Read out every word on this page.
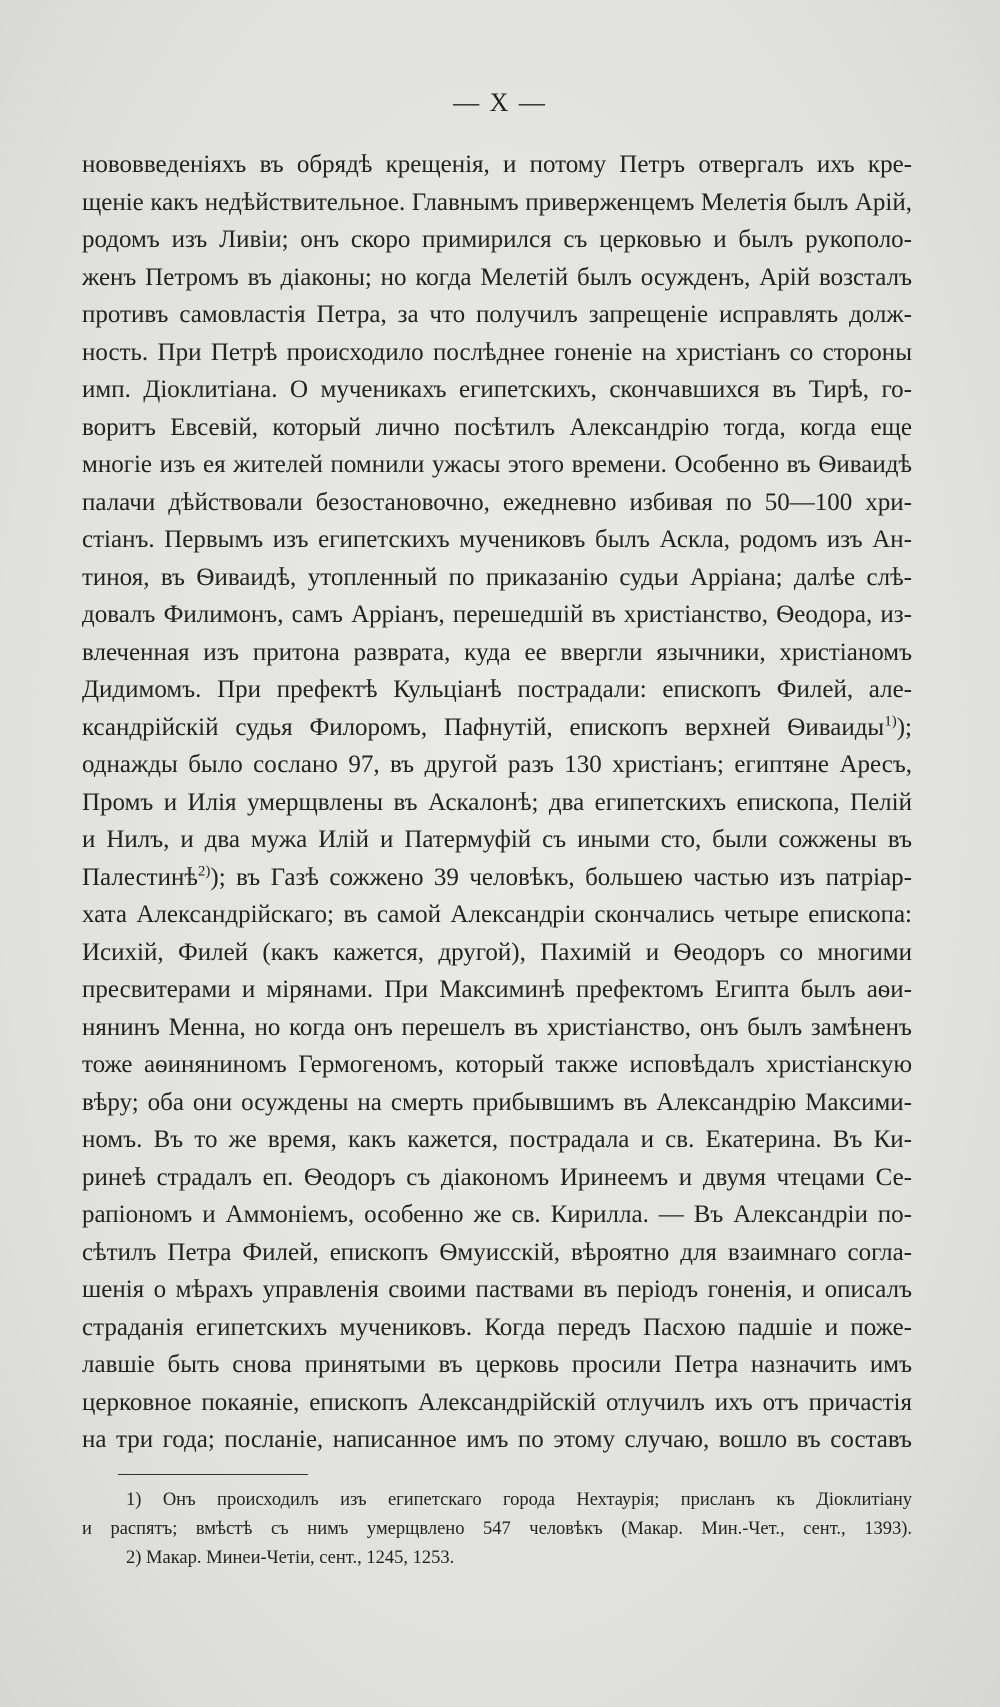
— X —
нововведеніяхъ въ обрядѣ крещенія, и потому Петръ отвергалъ ихъ кре-
щеніе какъ недѣйствительное. Главнымъ приверженцемъ Мелетія былъ Арій,
родомъ изъ Ливіи; онъ скоро примирился съ церковью и былъ рукополо-
женъ Петромъ въ діаконы; но когда Мелетій былъ осужденъ, Арій возсталъ
противъ самовластія Петра, за что получилъ запрещеніе исправлять долж-
ность. При Петрѣ происходило послѣднее гоненіе на христіанъ со стороны
имп. Діоклитіана. О мученикахъ египетскихъ, скончавшихся въ Тирѣ, го-
воритъ Евсевій, который лично посѣтилъ Александрію тогда, когда еще
многіе изъ ея жителей помнили ужасы этого времени. Особенно въ Ѳиваидѣ
палачи дѣйствовали безостановочно, ежедневно избивая по 50—100 хри-
стіанъ. Первымъ изъ египетскихъ мучениковъ былъ Аскла, родомъ изъ Ан-
тиноя, въ Ѳиваидѣ, утопленный по приказанію судьи Арріана; далѣе слѣ-
довалъ Филимонъ, самъ Арріанъ, перешедшій въ христіанство, Ѳеодора, из-
влеченная изъ притона разврата, куда ее ввергли язычники, христіаномъ
Дидимомъ. При префектѣ Кульціанѣ пострадали: епископъ Филей, але-
ксандрійскій судья Филоромъ, Пафнутій, епископъ верхней Ѳиваиды$^{1)}$);
однажды было сослано 97, въ другой разъ 130 христіанъ; египтяне Аресъ,
Промъ и Илія умерщвлены въ Аскалонѣ; два египетскихъ епископа, Пелій
и Нилъ, и два мужа Илій и Патермуфій съ иными сто, были сожжены въ
Палестинѣ$^{2)}$); въ Газѣ сожжено 39 человѣкъ, большею частью изъ патріар-
хата Александрійскаго; въ самой Александріи скончались четыре епископа:
Исихій, Филей (какъ кажется, другой), Пахимій и Ѳеодоръ со многими
пресвитерами и мірянами. При Максиминѣ префектомъ Египта былъ аѳи-
нянинъ Менна, но когда онъ перешелъ въ христіанство, онъ былъ замѣненъ
тоже аѳиняниномъ Гермогеномъ, который также исповѣдалъ христіанскую
вѣру; оба они осуждены на смерть прибывшимъ въ Александрію Максими-
номъ. Въ то же время, какъ кажется, пострадала и св. Екатерина. Въ Ки-
ринеѣ страдалъ еп. Ѳеодоръ съ діакономъ Иринеемъ и двумя чтецами Се-
рапіономъ и Аммоніемъ, особенно же св. Кирилла. — Въ Александріи по-
сѣтилъ Петра Филей, епископъ Ѳмуисскій, вѣроятно для взаимнаго согла-
шенія о мѣрахъ управленія своими паствами въ періодъ гоненія, и описалъ
страданія египетскихъ мучениковъ. Когда передъ Пасхою падшіе и поже-
лавшіе быть снова принятыми въ церковь просили Петра назначить имъ
церковное покаяніе, епископъ Александрійскій отлучилъ ихъ отъ причастія
на три года; посланіе, написанное имъ по этому случаю, вошло въ составъ
1) Онъ происходилъ изъ египетскаго города Нехтаурія; присланъ къ Діоклитіану
и распятъ; вмѣстѣ съ нимъ умерщвлено 547 человѣкъ (Макар. Мин.-Чет., сент., 1393).
2) Макар. Минеи-Четіи, сент., 1245, 1253.
